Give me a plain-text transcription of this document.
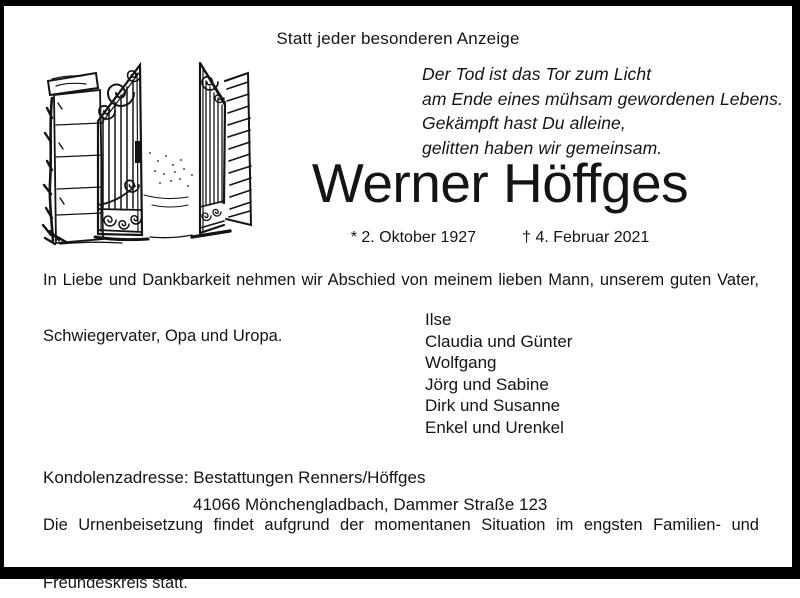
Statt jeder besonderen Anzeige
Der Tod ist das Tor zum Licht
am Ende eines mühsam gewordenen Lebens.
Gekämpft hast Du alleine,
gelitten haben wir gemeinsam.
Werner Höffges
* 2. Oktober 1927	† 4. Februar 2021
In Liebe und Dankbarkeit nehmen wir Abschied von meinem lieben Mann, unserem guten Vater,
Schwiegervater, Opa und Uropa.
Ilse
Claudia und Günter
Wolfgang
Jörg und Sabine
Dirk und Susanne
Enkel und Urenkel
Kondolenzadresse: Bestattungen Renners/Höffges
41066 Mönchengladbach, Dammer Straße 123
Die Urnenbeisetzung findet aufgrund der momentanen Situation im engsten Familien- und
Freundeskreis statt.
